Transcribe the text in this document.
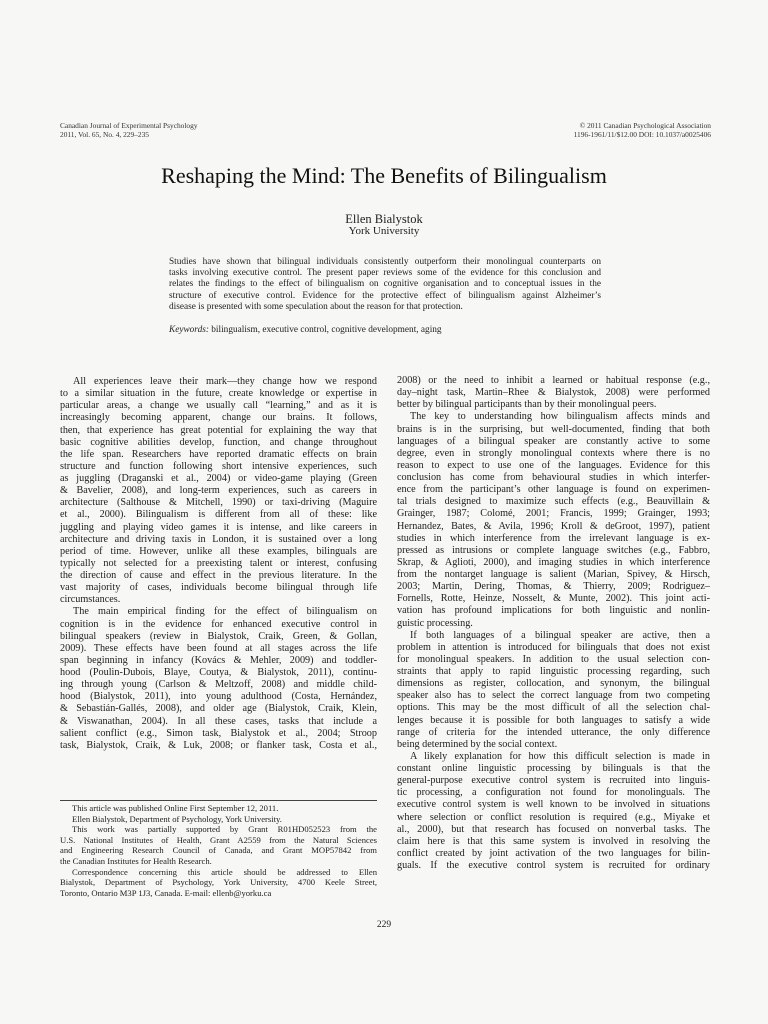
Canadian Journal of Experimental Psychology
2011, Vol. 65, No. 4, 229–235
© 2011 Canadian Psychological Association
1196-1961/11/$12.00 DOI: 10.1037/a0025406
Reshaping the Mind: The Benefits of Bilingualism
Ellen Bialystok
York University
Studies have shown that bilingual individuals consistently outperform their monolingual counterparts on
tasks involving executive control. The present paper reviews some of the evidence for this conclusion and
relates the findings to the effect of bilingualism on cognitive organisation and to conceptual issues in the
structure of executive control. Evidence for the protective effect of bilingualism against Alzheimer’s
disease is presented with some speculation about the reason for that protection.
Keywords: bilingualism, executive control, cognitive development, aging
All experiences leave their mark—they change how we respond
to a similar situation in the future, create knowledge or expertise in
particular areas, a change we usually call “learning,” and as it is
increasingly becoming apparent, change our brains. It follows,
then, that experience has great potential for explaining the way that
basic cognitive abilities develop, function, and change throughout
the life span. Researchers have reported dramatic effects on brain
structure and function following short intensive experiences, such
as juggling (Draganski et al., 2004) or video-game playing (Green
& Bavelier, 2008), and long-term experiences, such as careers in
architecture (Salthouse & Mitchell, 1990) or taxi-driving (Maguire
et al., 2000). Bilingualism is different from all of these: like
juggling and playing video games it is intense, and like careers in
architecture and driving taxis in London, it is sustained over a long
period of time. However, unlike all these examples, bilinguals are
typically not selected for a preexisting talent or interest, confusing
the direction of cause and effect in the previous literature. In the
vast majority of cases, individuals become bilingual through life
circumstances.
The main empirical finding for the effect of bilingualism on
cognition is in the evidence for enhanced executive control in
bilingual speakers (review in Bialystok, Craik, Green, & Gollan,
2009). These effects have been found at all stages across the life
span beginning in infancy (Kovács & Mehler, 2009) and toddler-
hood (Poulin-Dubois, Blaye, Coutya, & Bialystok, 2011), continu-
ing through young (Carlson & Meltzoff, 2008) and middle child-
hood (Bialystok, 2011), into young adulthood (Costa, Hernández,
& Sebastián-Gallés, 2008), and older age (Bialystok, Craik, Klein,
& Viswanathan, 2004). In all these cases, tasks that include a
salient conflict (e.g., Simon task, Bialystok et al., 2004; Stroop
task, Bialystok, Craik, & Luk, 2008; or flanker task, Costa et al.,
2008) or the need to inhibit a learned or habitual response (e.g.,
day–night task, Martin–Rhee & Bialystok, 2008) were performed
better by bilingual participants than by their monolingual peers.
The key to understanding how bilingualism affects minds and
brains is in the surprising, but well-documented, finding that both
languages of a bilingual speaker are constantly active to some
degree, even in strongly monolingual contexts where there is no
reason to expect to use one of the languages. Evidence for this
conclusion has come from behavioural studies in which interfer-
ence from the participant’s other language is found on experimen-
tal trials designed to maximize such effects (e.g., Beauvillain &
Grainger, 1987; Colomé, 2001; Francis, 1999; Grainger, 1993;
Hernandez, Bates, & Avila, 1996; Kroll & deGroot, 1997), patient
studies in which interference from the irrelevant language is ex-
pressed as intrusions or complete language switches (e.g., Fabbro,
Skrap, & Aglioti, 2000), and imaging studies in which interference
from the nontarget language is salient (Marian, Spivey, & Hirsch,
2003; Martin, Dering, Thomas, & Thierry, 2009; Rodriguez–
Fornells, Rotte, Heinze, Nosselt, & Munte, 2002). This joint acti-
vation has profound implications for both linguistic and nonlin-
guistic processing.
If both languages of a bilingual speaker are active, then a
problem in attention is introduced for bilinguals that does not exist
for monolingual speakers. In addition to the usual selection con-
straints that apply to rapid linguistic processing regarding, such
dimensions as register, collocation, and synonym, the bilingual
speaker also has to select the correct language from two competing
options. This may be the most difficult of all the selection chal-
lenges because it is possible for both languages to satisfy a wide
range of criteria for the intended utterance, the only difference
being determined by the social context.
A likely explanation for how this difficult selection is made in
constant online linguistic processing by bilinguals is that the
general-purpose executive control system is recruited into linguis-
tic processing, a configuration not found for monolinguals. The
executive control system is well known to be involved in situations
where selection or conflict resolution is required (e.g., Miyake et
al., 2000), but that research has focused on nonverbal tasks. The
claim here is that this same system is involved in resolving the
conflict created by joint activation of the two languages for bilin-
guals. If the executive control system is recruited for ordinary
This article was published Online First September 12, 2011.
Ellen Bialystok, Department of Psychology, York University.
This work was partially supported by Grant R01HD052523 from the
U.S. National Institutes of Health, Grant A2559 from the Natural Sciences
and Engineering Research Council of Canada, and Grant MOP57842 from
the Canadian Institutes for Health Research.
Correspondence concerning this article should be addressed to Ellen
Bialystok, Department of Psychology, York University, 4700 Keele Street,
Toronto, Ontario M3P 1J3, Canada. E-mail: ellenb@yorku.ca
229
